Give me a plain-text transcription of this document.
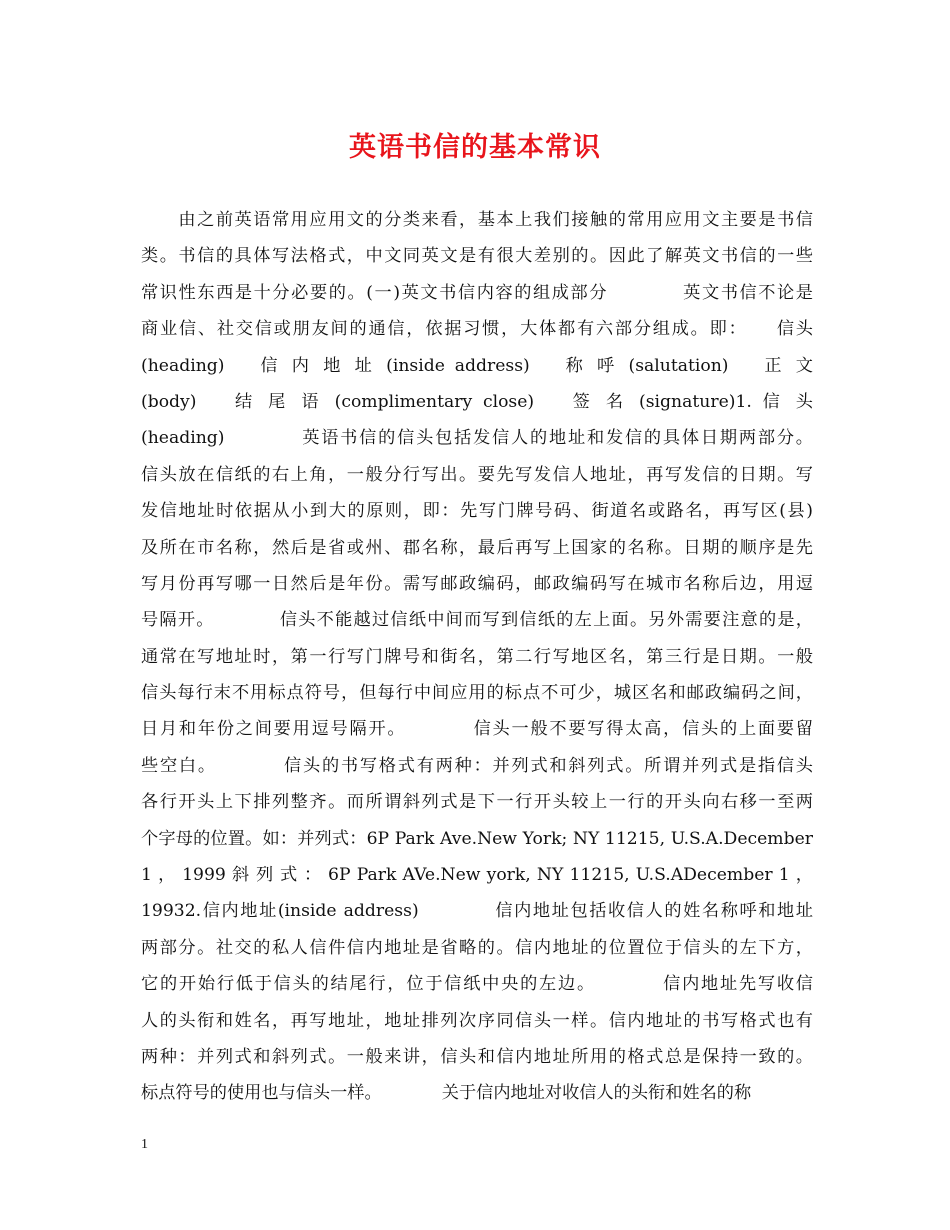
英语书信的基本常识
　　由之前英语常用应用文的分类来看，基本上我们接触的常用应用文主要是书信
类。书信的具体写法格式，中文同英文是有很大差别的。因此了解英文书信的一些
常识性东西是十分必要的。(一)英文书信内容的组成部分　　　　英文书信不论是
商业信、社交信或朋友间的通信，依据习惯，大体都有六部分组成。即：　　信头
(heading)　 信 内 地 址 (inside address)　 称 呼 (salutation)　 正 文
(body)　 结 尾 语 (complimentary close)　 签 名 (signature)1. 信 头
(heading)　　　　英语书信的信头包括发信人的地址和发信的具体日期两部分。
信头放在信纸的右上角，一般分行写出。要先写发信人地址，再写发信的日期。写
发信地址时依据从小到大的原则，即：先写门牌号码、街道名或路名，再写区(县)
及所在市名称，然后是省或州、郡名称，最后再写上国家的名称。日期的顺序是先
写月份再写哪一日然后是年份。需写邮政编码，邮政编码写在城市名称后边，用逗
号隔开。　　　　信头不能越过信纸中间而写到信纸的左上面。另外需要注意的是，
通常在写地址时，第一行写门牌号和街名，第二行写地区名，第三行是日期。一般
信头每行末不用标点符号，但每行中间应用的标点不可少，城区名和邮政编码之间，
日月和年份之间要用逗号隔开。　　　　信头一般不要写得太高，信头的上面要留
些空白。　　　　信头的书写格式有两种：并列式和斜列式。所谓并列式是指信头
各行开头上下排列整齐。而所谓斜列式是下一行开头较上一行的开头向右移一至两
个字母的位置。如：并列式：6P Park Ave.New York; NY 11215, U.S.A.December
1 ， 1999 斜 列 式 ： 6P Park AVe.New york, NY 11215, U.S.ADecember 1 ，
19932.信内地址(inside address)　　　　信内地址包括收信人的姓名称呼和地址
两部分。社交的私人信件信内地址是省略的。信内地址的位置位于信头的左下方，
它的开始行低于信头的结尾行，位于信纸中央的左边。　　　　信内地址先写收信
人的头衔和姓名，再写地址，地址排列次序同信头一样。信内地址的书写格式也有
两种：并列式和斜列式。一般来讲，信头和信内地址所用的格式总是保持一致的。
标点符号的使用也与信头一样。　　　　关于信内地址对收信人的头衔和姓名的称
1
